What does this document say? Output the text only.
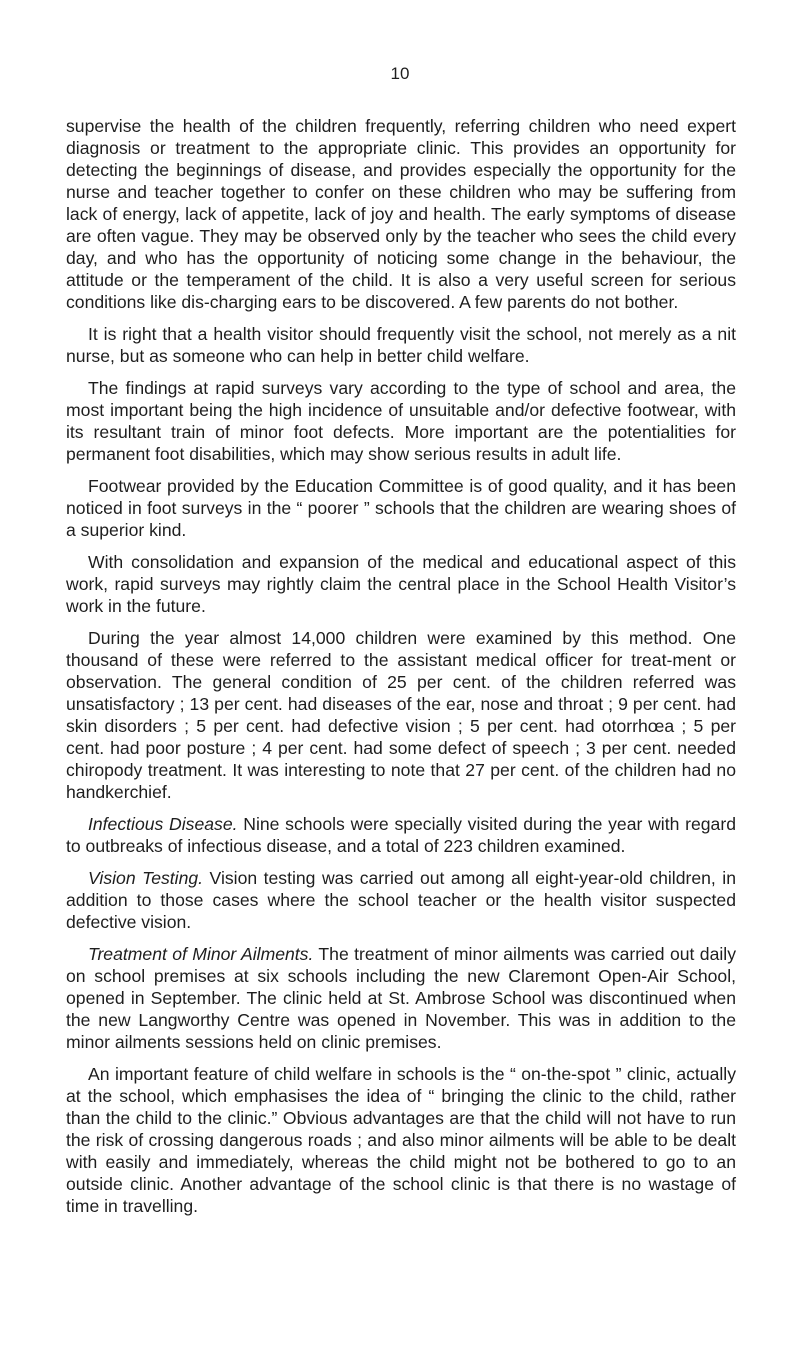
10

supervise the health of the children frequently, referring children who need expert diagnosis or treatment to the appropriate clinic. This provides an opportunity for detecting the beginnings of disease, and provides especially the opportunity for the nurse and teacher together to confer on these children who may be suffering from lack of energy, lack of appetite, lack of joy and health. The early symptoms of disease are often vague. They may be observed only by the teacher who sees the child every day, and who has the opportunity of noticing some change in the behaviour, the attitude or the temperament of the child. It is also a very useful screen for serious conditions like dis-charging ears to be discovered. A few parents do not bother.

It is right that a health visitor should frequently visit the school, not merely as a nit nurse, but as someone who can help in better child welfare.

The findings at rapid surveys vary according to the type of school and area, the most important being the high incidence of unsuitable and/or defective footwear, with its resultant train of minor foot defects. More important are the potentialities for permanent foot disabilities, which may show serious results in adult life.

Footwear provided by the Education Committee is of good quality, and it has been noticed in foot surveys in the “ poorer ” schools that the children are wearing shoes of a superior kind.

With consolidation and expansion of the medical and educational aspect of this work, rapid surveys may rightly claim the central place in the School Health Visitor’s work in the future.

During the year almost 14,000 children were examined by this method. One thousand of these were referred to the assistant medical officer for treat-ment or observation. The general condition of 25 per cent. of the children referred was unsatisfactory ; 13 per cent. had diseases of the ear, nose and throat ; 9 per cent. had skin disorders ; 5 per cent. had defective vision ; 5 per cent. had otorrhœa ; 5 per cent. had poor posture ; 4 per cent. had some defect of speech ; 3 per cent. needed chiropody treatment. It was interesting to note that 27 per cent. of the children had no handkerchief.

Infectious Disease. Nine schools were specially visited during the year with regard to outbreaks of infectious disease, and a total of 223 children examined.

Vision Testing. Vision testing was carried out among all eight-year-old children, in addition to those cases where the school teacher or the health visitor suspected defective vision.

Treatment of Minor Ailments. The treatment of minor ailments was carried out daily on school premises at six schools including the new Claremont Open-Air School, opened in September. The clinic held at St. Ambrose School was discontinued when the new Langworthy Centre was opened in November. This was in addition to the minor ailments sessions held on clinic premises.

An important feature of child welfare in schools is the “ on-the-spot ” clinic, actually at the school, which emphasises the idea of “ bringing the clinic to the child, rather than the child to the clinic.” Obvious advantages are that the child will not have to run the risk of crossing dangerous roads ; and also minor ailments will be able to be dealt with easily and immediately, whereas the child might not be bothered to go to an outside clinic. Another advantage of the school clinic is that there is no wastage of time in travelling.
